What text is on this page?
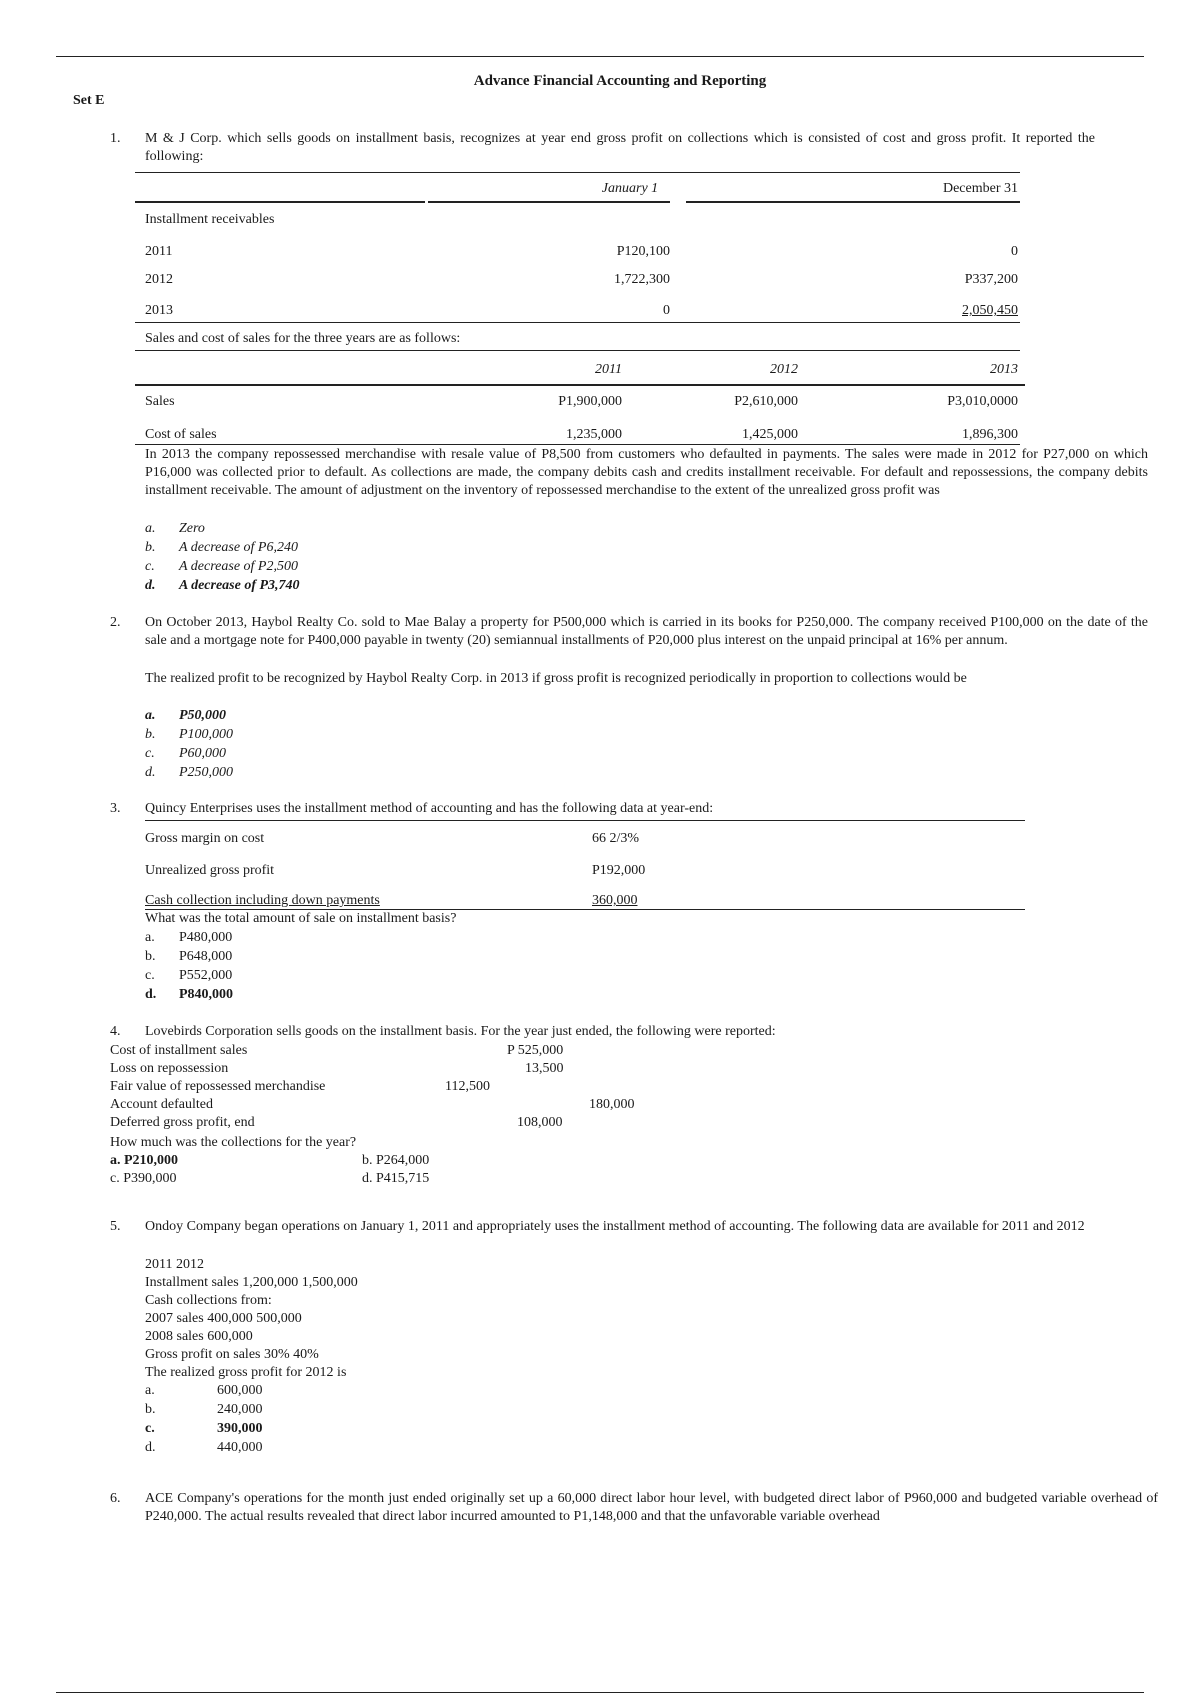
Advance Financial Accounting and Reporting
Set E
1.	M & J Corp. which sells goods on installment basis, recognizes at year end gross profit on collections which is consisted of cost and gross profit. It reported the following:
January 1	December 31
Installment receivables
2011	P120,100	0
2012	1,722,300	P337,200
2013	0	2,050,450
Sales and cost of sales for the three years are as follows:
2011	2012	2013
Sales	P1,900,000	P2,610,000	P3,010,0000
Cost of sales	1,235,000	1,425,000	1,896,300
In 2013 the company repossessed merchandise with resale value of P8,500 from customers who defaulted in payments. The sales were made in 2012 for P27,000 on which P16,000 was collected prior to default. As collections are made, the company debits cash and credits installment receivable. For default and repossessions, the company debits installment receivable. The amount of adjustment on the inventory of repossessed merchandise to the extent of the unrealized gross profit was
a. Zero
b. A decrease of P6,240
c. A decrease of P2,500
d. A decrease of P3,740
2.	On October 2013, Haybol Realty Co. sold to Mae Balay a property for P500,000 which is carried in its books for P250,000. The company received P100,000 on the date of the sale and a mortgage note for P400,000 payable in twenty (20) semiannual installments of P20,000 plus interest on the unpaid principal at 16% per annum.
The realized profit to be recognized by Haybol Realty Corp. in 2013 if gross profit is recognized periodically in proportion to collections would be
a. P50,000
b. P100,000
c. P60,000
d. P250,000
3.	Quincy Enterprises uses the installment method of accounting and has the following data at year-end:
Gross margin on cost	66 2/3%
Unrealized gross profit	P192,000
Cash collection including down payments	360,000
What was the total amount of sale on installment basis?
a. P480,000
b. P648,000
c. P552,000
d. P840,000
4. Lovebirds Corporation sells goods on the installment basis. For the year just ended, the following were reported:
Cost of installment sales	P 525,000
Loss on repossession	13,500
Fair value of repossessed merchandise	112,500
Account defaulted	180,000
Deferred gross profit, end	108,000
How much was the collections for the year?
a. P210,000	b. P264,000
c. P390,000	d. P415,715
5.	Ondoy Company began operations on January 1, 2011 and appropriately uses the installment method of accounting. The following data are available for 2011 and 2012
2011 2012
Installment sales 1,200,000 1,500,000
Cash collections from:
2007 sales 400,000 500,000
2008 sales 600,000
Gross profit on sales 30% 40%
The realized gross profit for 2012 is
a.	600,000
b.	240,000
c.	390,000
d.	440,000
6.	ACE Company's operations for the month just ended originally set up a 60,000 direct labor hour level, with budgeted direct labor of P960,000 and budgeted variable overhead of P240,000. The actual results revealed that direct labor incurred amounted to P1,148,000 and that the unfavorable variable overhead
